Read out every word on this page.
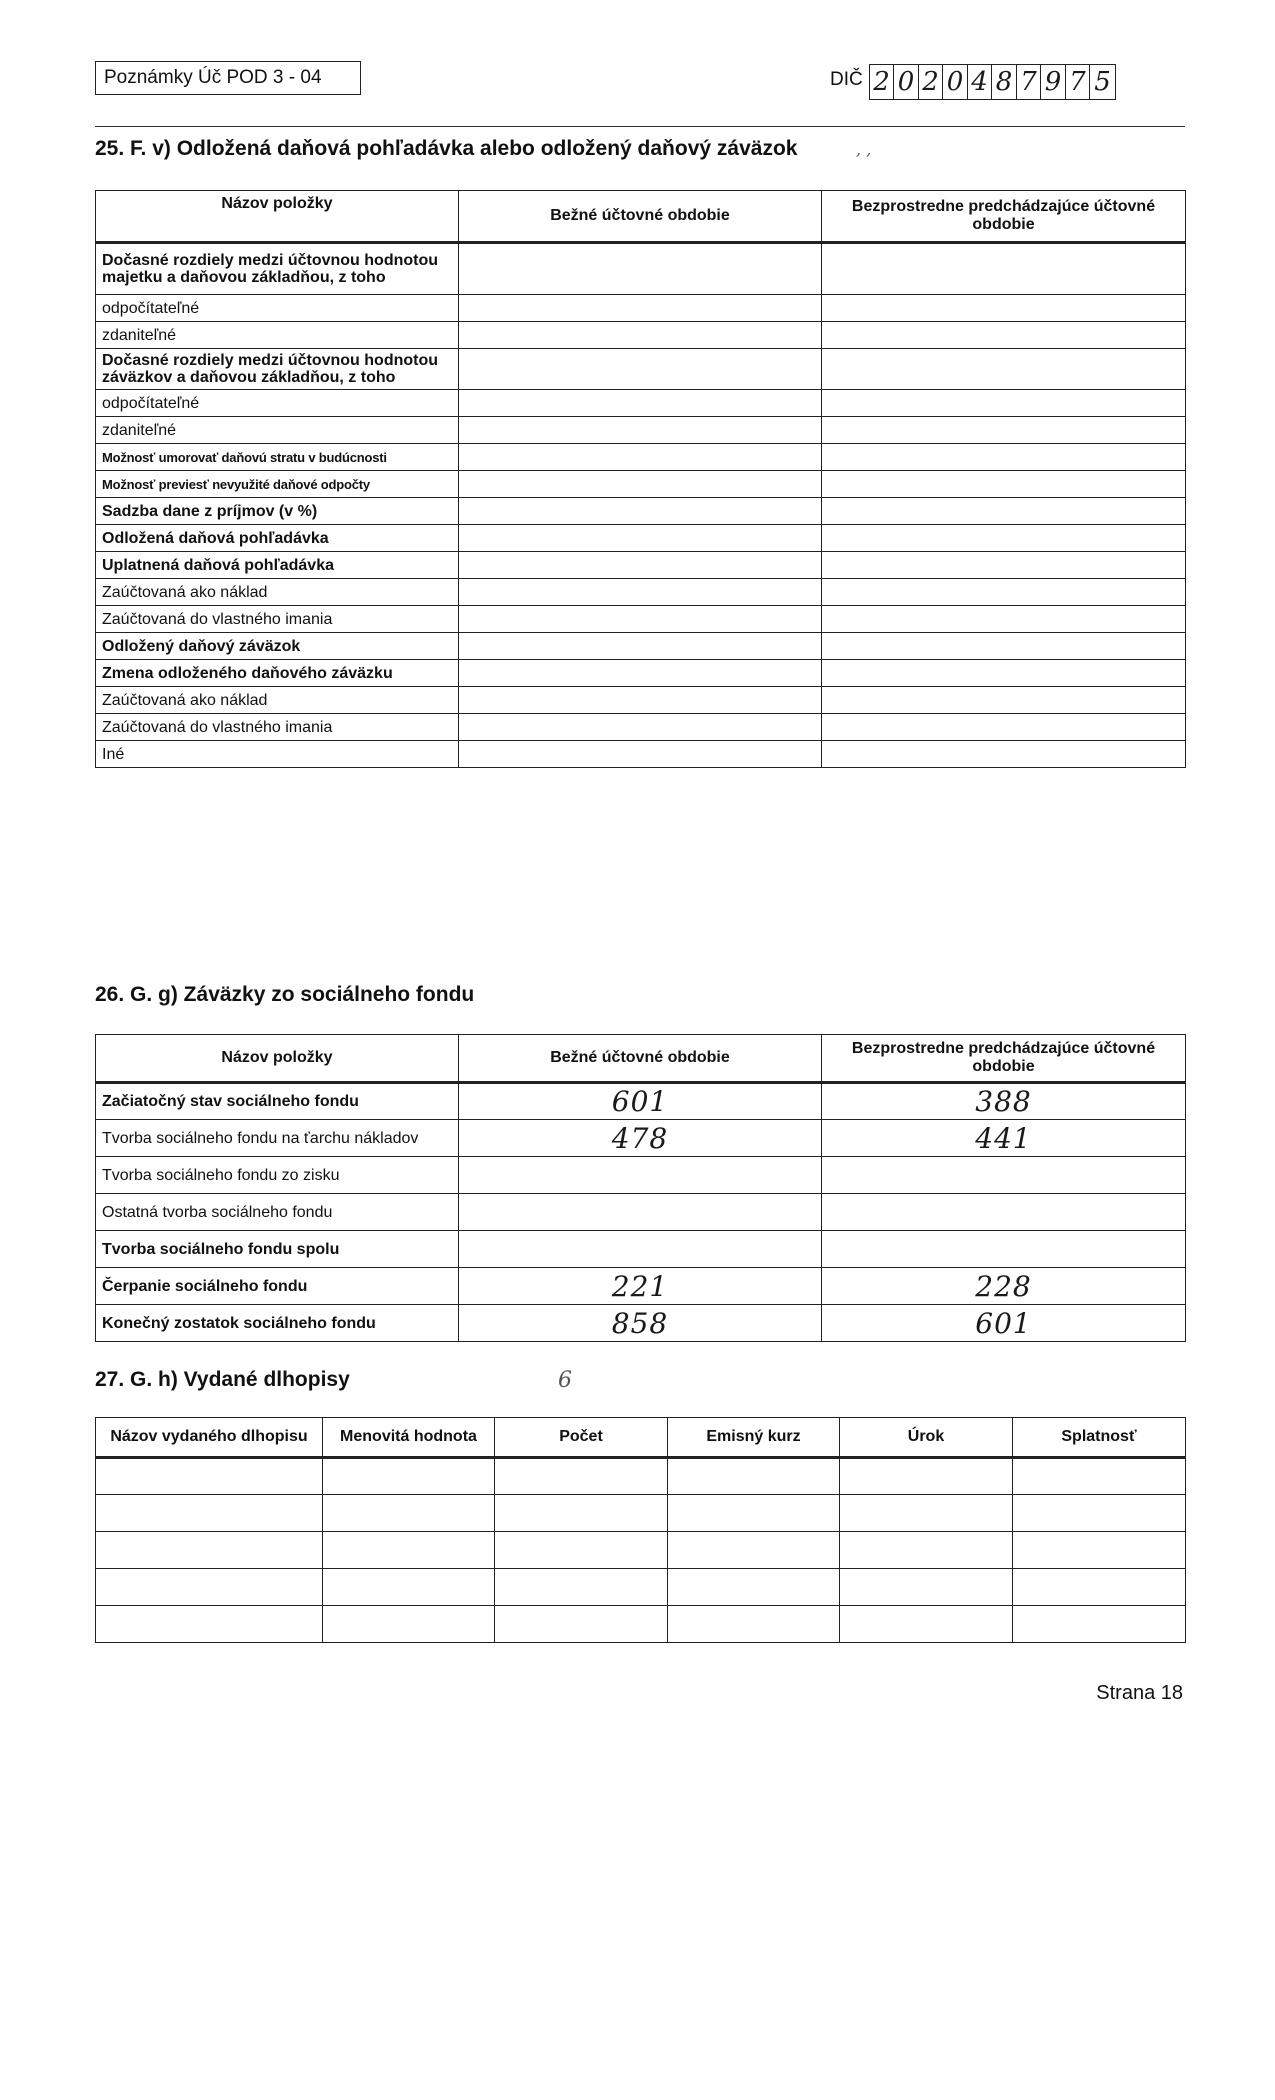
Poznámky Úč POD 3 - 04	DIČ 2 0 2 0 4 8 7 9 7 5
25. F. v) Odložená daňová pohľadávka alebo odložený daňový záväzok	, ,
Názov položky	Bežné účtovné obdobie	Bezprostredne predchádzajúce účtovné obdobie
Dočasné rozdiely medzi účtovnou hodnotou majetku a daňovou základňou, z toho		
odpočítateľné		
zdaniteľné		
Dočasné rozdiely medzi účtovnou hodnotou záväzkov a daňovou základňou, z toho		
odpočítateľné		
zdaniteľné		
Možnosť umorovať daňovú stratu v budúcnosti		
Možnosť previesť nevyužité daňové odpočty		
Sadzba dane z príjmov (v %)		
Odložená daňová pohľadávka		
Uplatnená daňová pohľadávka		
Zaúčtovaná ako náklad		
Zaúčtovaná do vlastného imania		
Odložený daňový záväzok		
Zmena odloženého daňového záväzku		
Zaúčtovaná ako náklad		
Zaúčtovaná do vlastného imania		
Iné		
26. G. g) Záväzky zo sociálneho fondu
Názov položky	Bežné účtovné obdobie	Bezprostredne predchádzajúce účtovné obdobie
Začiatočný stav sociálneho fondu	601	388
Tvorba sociálneho fondu na ťarchu nákladov	478	441
Tvorba sociálneho fondu zo zisku		
Ostatná tvorba sociálneho fondu		
Tvorba sociálneho fondu spolu		
Čerpanie sociálneho fondu	221	228
Konečný zostatok sociálneho fondu	858	601
27. G. h) Vydané dlhopisy	6
Názov vydaného dlhopisu	Menovitá hodnota	Počet	Emisný kurz	Úrok	Splatnosť

Strana 18
